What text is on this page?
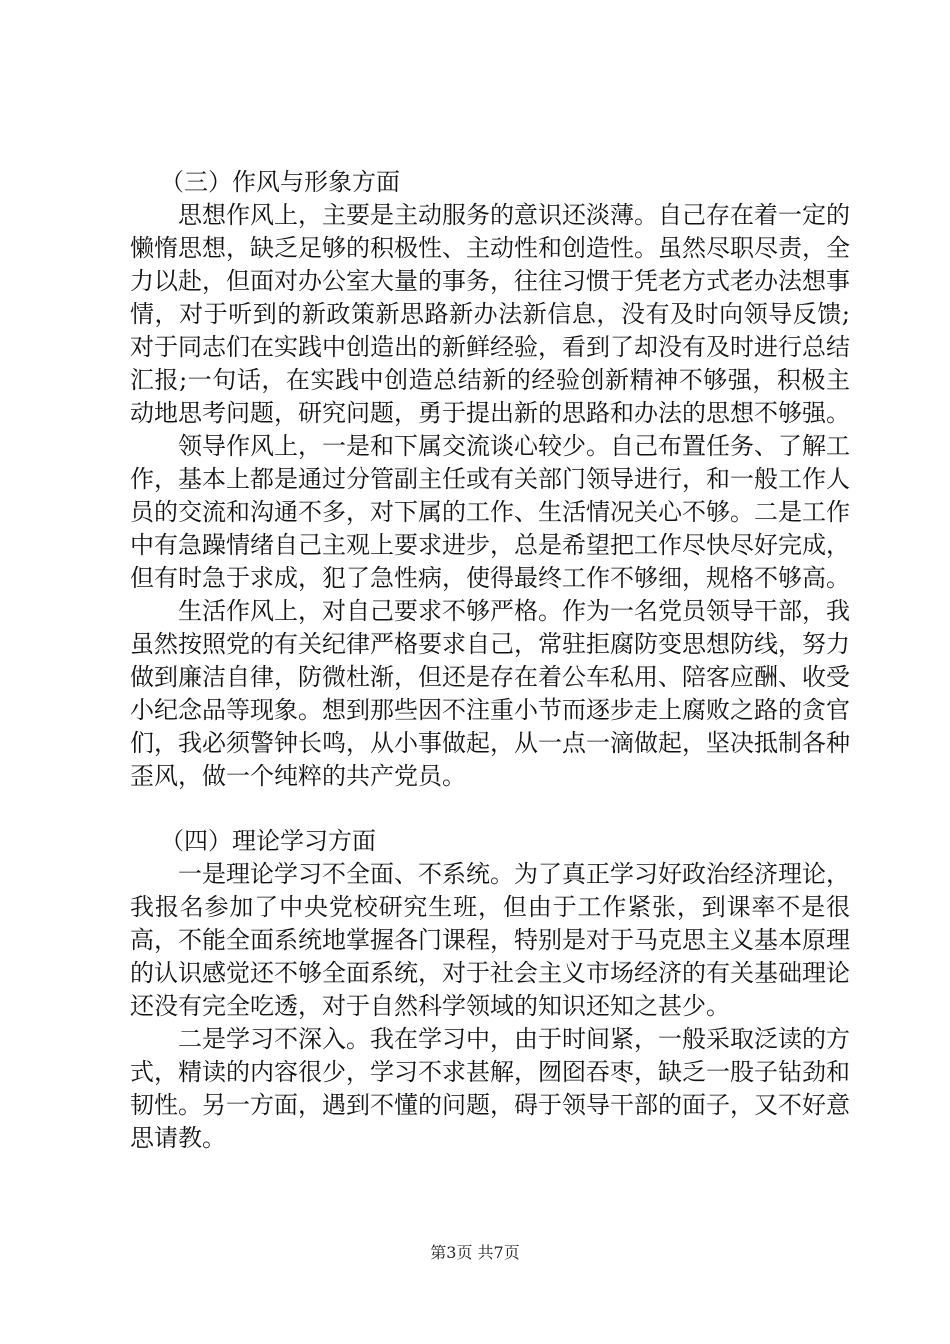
（三）作风与形象方面

思想作风上，主要是主动服务的意识还淡薄。自己存在着一定的懒惰思想，缺乏足够的积极性、主动性和创造性。虽然尽职尽责，全力以赴，但面对办公室大量的事务，往往习惯于凭老方式老办法想事情，对于听到的新政策新思路新办法新信息，没有及时向领导反馈;对于同志们在实践中创造出的新鲜经验，看到了却没有及时进行总结汇报;一句话，在实践中创造总结新的经验创新精神不够强，积极主动地思考问题，研究问题，勇于提出新的思路和办法的思想不够强。

领导作风上，一是和下属交流谈心较少。自己布置任务、了解工作，基本上都是通过分管副主任或有关部门领导进行，和一般工作人员的交流和沟通不多，对下属的工作、生活情况关心不够。二是工作中有急躁情绪自己主观上要求进步，总是希望把工作尽快尽好完成，但有时急于求成，犯了急性病，使得最终工作不够细，规格不够高。

生活作风上，对自己要求不够严格。作为一名党员领导干部，我虽然按照党的有关纪律严格要求自己，常驻拒腐防变思想防线，努力做到廉洁自律，防微杜渐，但还是存在着公车私用、陪客应酬、收受小纪念品等现象。想到那些因不注重小节而逐步走上腐败之路的贪官们，我必须警钟长鸣，从小事做起，从一点一滴做起，坚决抵制各种歪风，做一个纯粹的共产党员。

（四）理论学习方面

一是理论学习不全面、不系统。为了真正学习好政治经济理论，我报名参加了中央党校研究生班，但由于工作紧张，到课率不是很高，不能全面系统地掌握各门课程，特别是对于马克思主义基本原理的认识感觉还不够全面系统，对于社会主义市场经济的有关基础理论还没有完全吃透，对于自然科学领域的知识还知之甚少。

二是学习不深入。我在学习中，由于时间紧，一般采取泛读的方式，精读的内容很少，学习不求甚解，囫囵吞枣，缺乏一股子钻劲和韧性。另一方面，遇到不懂的问题，碍于领导干部的面子，又不好意思请教。

第3页 共7页
